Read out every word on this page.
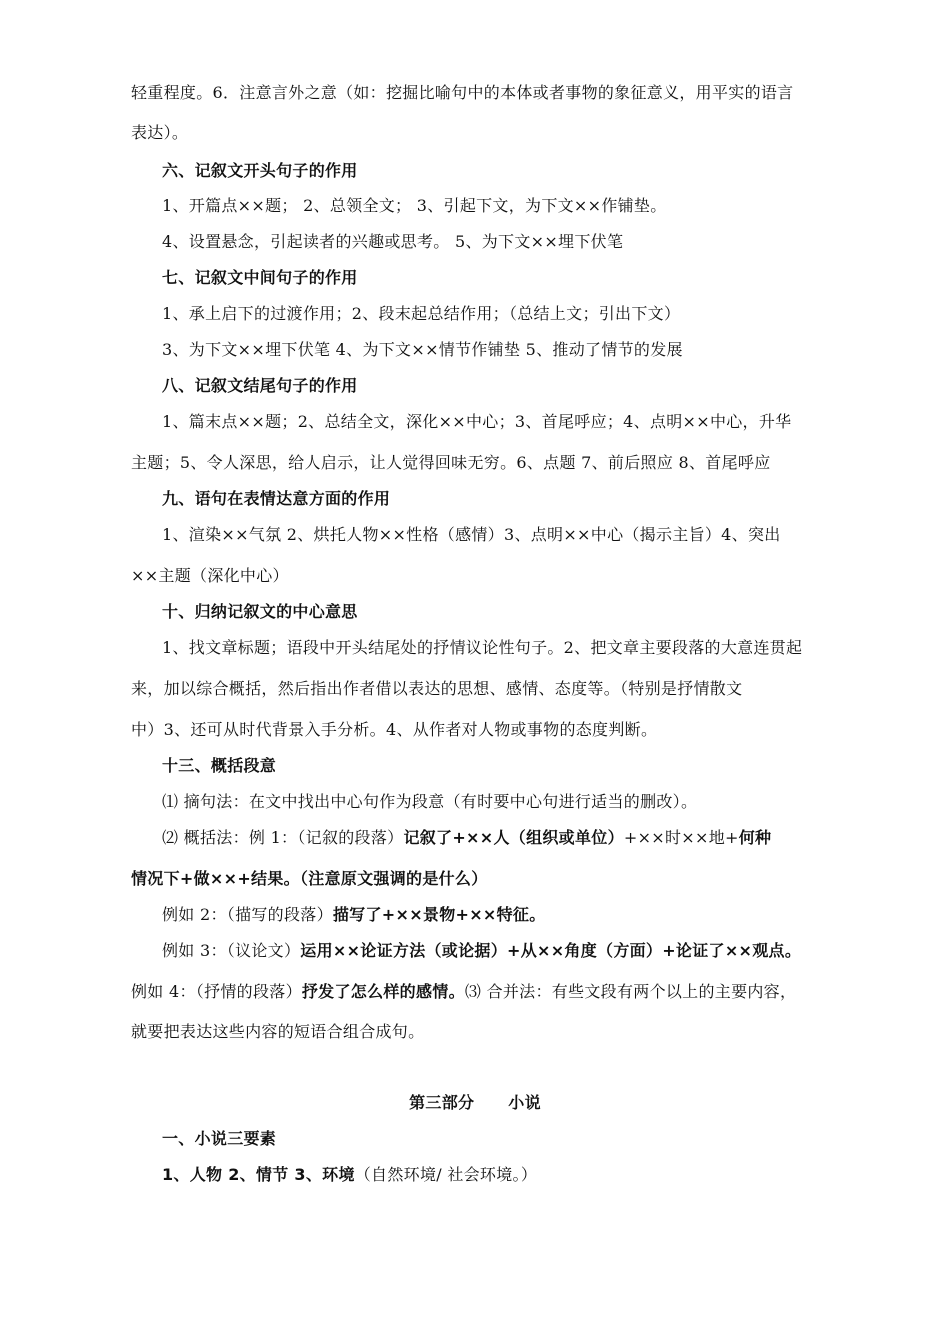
轻重程度。6．注意言外之意（如：挖掘比喻句中的本体或者事物的象征意义，用平实的语言
表达）。
六、记叙文开头句子的作用
1、开篇点××题； 2、总领全文； 3、引起下文，为下文××作铺垫。
4、设置悬念，引起读者的兴趣或思考。 5、为下文××埋下伏笔
七、记叙文中间句子的作用
1、承上启下的过渡作用；2、段末起总结作用；（总结上文；引出下文）
3、为下文××埋下伏笔 4、为下文××情节作铺垫 5、推动了情节的发展
八、记叙文结尾句子的作用
1、篇末点××题；2、总结全文，深化××中心；3、首尾呼应；4、点明××中心，升华
主题；5、令人深思，给人启示，让人觉得回味无穷。6、点题 7、前后照应 8、首尾呼应
九、语句在表情达意方面的作用
1、渲染××气氛 2、烘托人物××性格（感情）3、点明××中心（揭示主旨）4、突出
××主题（深化中心）
十、归纳记叙文的中心意思
1、找文章标题；语段中开头结尾处的抒情议论性句子。2、把文章主要段落的大意连贯起
来，加以综合概括，然后指出作者借以表达的思想、感情、态度等。（特别是抒情散文
中）3、还可从时代背景入手分析。4、从作者对人物或事物的态度判断。
十三、概括段意
⑴ 摘句法：在文中找出中心句作为段意（有时要中心句进行适当的删改）。
⑵ 概括法：例 1：（记叙的段落）记叙了+××人（组织或单位）+××时××地+何种
情况下+做××+结果。（注意原文强调的是什么）
例如 2：（描写的段落）描写了+××景物+××特征。
例如 3：（议论文）运用××论证方法（或论据）+从××角度（方面）+论证了××观点。
例如 4：（抒情的段落）抒发了怎么样的感情。⑶ 合并法：有些文段有两个以上的主要内容，
就要把表达这些内容的短语合组合成句。
第三部分 小说
一、小说三要素
1、人物 2、情节 3、环境（自然环境/ 社会环境。）
